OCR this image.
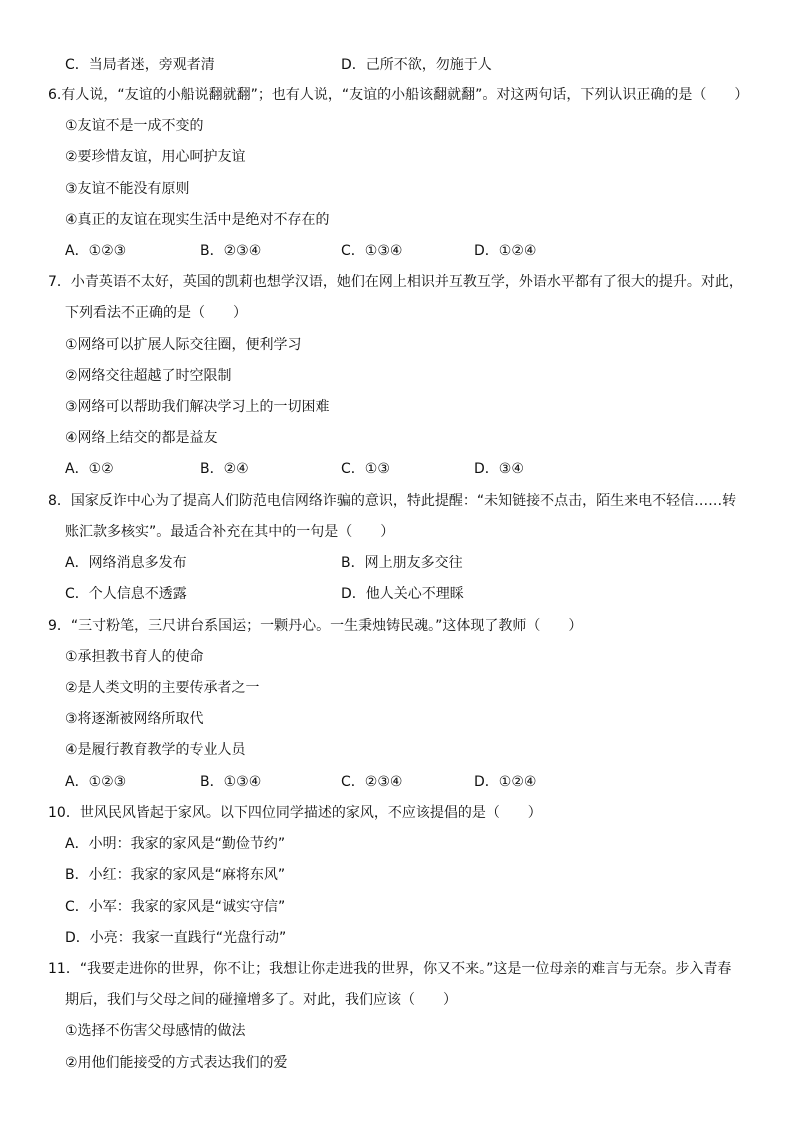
C．当局者迷，旁观者清	D．己所不欲，勿施于人
6.有人说，“友谊的小船说翻就翻”；也有人说，“友谊的小船该翻就翻”。对这两句话，下列认识正确的是（　　）
①友谊不是一成不变的
②要珍惜友谊，用心呵护友谊
③友谊不能没有原则
④真正的友谊在现实生活中是绝对不存在的
A．①②③	B．②③④	C．①③④	D．①②④
7．小青英语不太好，英国的凯莉也想学汉语，她们在网上相识并互教互学，外语水平都有了很大的提升。对此，
下列看法不正确的是（　　）
①网络可以扩展人际交往圈，便利学习
②网络交往超越了时空限制
③网络可以帮助我们解决学习上的一切困难
④网络上结交的都是益友
A．①②	B．②④	C．①③	D．③④
8．国家反诈中心为了提高人们防范电信网络诈骗的意识，特此提醒：“未知链接不点击，陌生来电不轻信……转
账汇款多核实”。最适合补充在其中的一句是（　　）
A．网络消息多发布	B．网上朋友多交往
C．个人信息不透露	D．他人关心不理睬
9．“三寸粉笔，三尺讲台系国运；一颗丹心。一生秉烛铸民魂。”这体现了教师（　　）
①承担教书育人的使命
②是人类文明的主要传承者之一
③将逐渐被网络所取代
④是履行教育教学的专业人员
A．①②③	B．①③④	C．②③④	D．①②④
10．世风民风皆起于家风。以下四位同学描述的家风，不应该提倡的是（　　）
A．小明：我家的家风是“勤俭节约”
B．小红：我家的家风是“麻将东风”
C．小军：我家的家风是“诚实守信”
D．小亮：我家一直践行“光盘行动”
11．“我要走进你的世界，你不让；我想让你走进我的世界，你又不来。”这是一位母亲的难言与无奈。步入青春
期后，我们与父母之间的碰撞增多了。对此，我们应该（　　）
①选择不伤害父母感情的做法
②用他们能接受的方式表达我们的爱
